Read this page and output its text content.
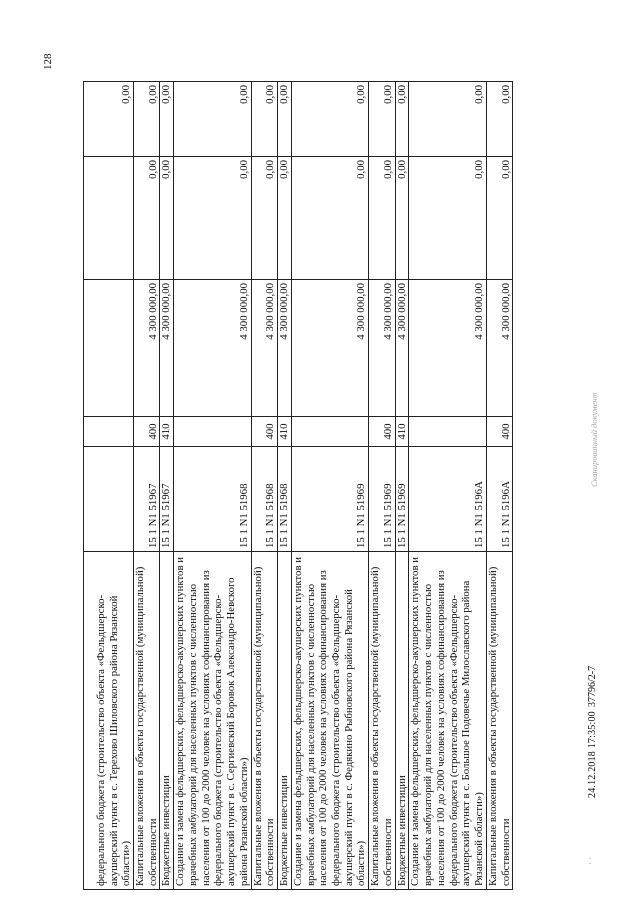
128
федерального бюджета (строительство объекта «Фельдшерско-акушерский пункт в с. Терехово Шиловского района Рязанской области»)					0,00
Капитальные вложения в объекты государственной (муниципальной) собственности	15 1 N1 51967	400	4 300 000,00	0,00	0,00
Бюджетные инвестиции	15 1 N1 51967	410	4 300 000,00	0,00	0,00
Создание и замена фельдшерских, фельдшерско-акушерских пунктов и врачебных амбулаторий для населенных пунктов с численностью населения от 100 до 2000 человек на условиях софинансирования из федерального бюджета (строительство объекта «Фельдшерско-акушерский пункт в с. Сергиевский Боровок Александро-Невского района Рязанской области»)	15 1 N1 51968		4 300 000,00	0,00	0,00
Капитальные вложения в объекты государственной (муниципальной) собственности	15 1 N1 51968	400	4 300 000,00	0,00	0,00
Бюджетные инвестиции	15 1 N1 51968	410	4 300 000,00	0,00	0,00
Создание и замена фельдшерских, фельдшерско-акушерских пунктов и врачебных амбулаторий для населенных пунктов с численностью населения от 100 до 2000 человек на условиях софинансирования из федерального бюджета (строительство объекта «Фельдшерско-акушерский пункт в с. Федякино Рыбновского района Рязанской области»)	15 1 N1 51969		4 300 000,00	0,00	0,00
Капитальные вложения в объекты государственной (муниципальной) собственности	15 1 N1 51969	400	4 300 000,00	0,00	0,00
Бюджетные инвестиции	15 1 N1 51969	410	4 300 000,00	0,00	0,00
Создание и замена фельдшерских, фельдшерско-акушерских пунктов и врачебных амбулаторий для населенных пунктов с численностью населения от 100 до 2000 человек на условиях софинансирования из федерального бюджета (строительство объекта «Фельдшерско-акушерский пункт в с. Большое Подовечье Милославского района Рязанской области»)	15 1 N1 5196A		4 300 000,00	0,00	0,00
Капитальные вложения в объекты государственной (муниципальной) собственности	15 1 N1 5196A	400	4 300 000,00	0,00	0,00
· ·
24.12.2018 17:35:00
37796/2-7
Сканированный документ
